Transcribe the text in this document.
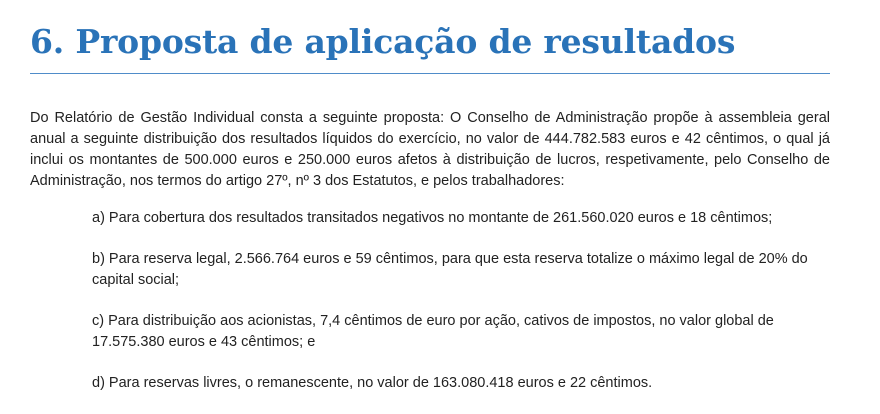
6. Proposta de aplicação de resultados

Do Relatório de Gestão Individual consta a seguinte proposta: O Conselho de Administração propõe à assembleia geral anual a seguinte distribuição dos resultados líquidos do exercício, no valor de 444.782.583 euros e 42 cêntimos, o qual já inclui os montantes de 500.000 euros e 250.000 euros afetos à distribuição de lucros, respetivamente, pelo Conselho de Administração, nos termos do artigo 27º, nº 3 dos Estatutos, e pelos trabalhadores:

a) Para cobertura dos resultados transitados negativos no montante de 261.560.020 euros e 18 cêntimos;
b) Para reserva legal, 2.566.764 euros e 59 cêntimos, para que esta reserva totalize o máximo legal de 20% do capital social;
c) Para distribuição aos acionistas, 7,4 cêntimos de euro por ação, cativos de impostos, no valor global de 17.575.380 euros e 43 cêntimos; e
d) Para reservas livres, o remanescente, no valor de 163.080.418 euros e 22 cêntimos.
